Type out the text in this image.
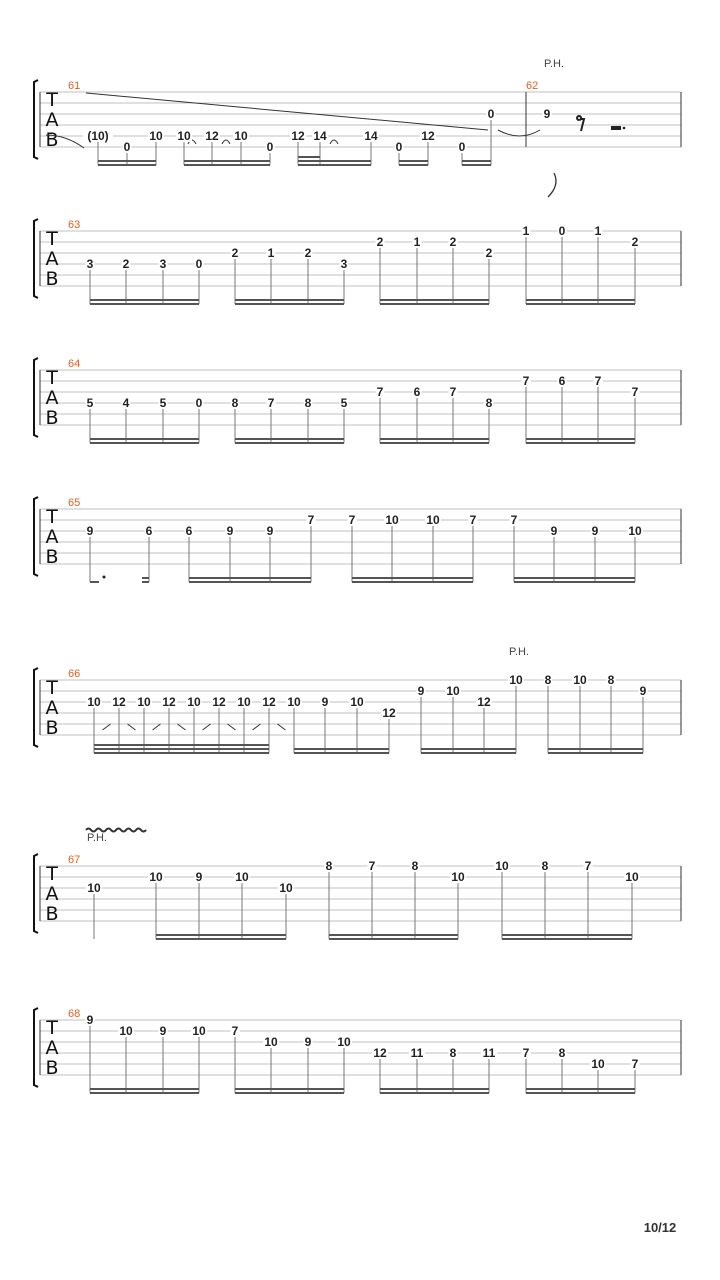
T
A
B
61	62
P.H.
(10)
0
10 10 12 10
0
12 14	14
0
12
0
0	9
T
A
B
63
3 2	3 0
2 1	2
3
2	1 2
2
1 0 1
2
T
A
B
64
5 4	5 0 8 7	8 5
7	6 7
8
7 6 7
7
T
A
B
65
9	6	6	9	9
7	7 10 10 7	7
9	9 10
T
A
B
66
P.H.
10 12 10 12 10 12 10 12 10 9 10
12
9 10
12
10 8 10 8
9
T
A
B
67
P.H.
10
10	9	10
10
8	7	8
10
10	8	7
10
T
A
B
68 9
10 9 10 7
10 9 10
12 11 8 11 7 8
10 7
10/12
